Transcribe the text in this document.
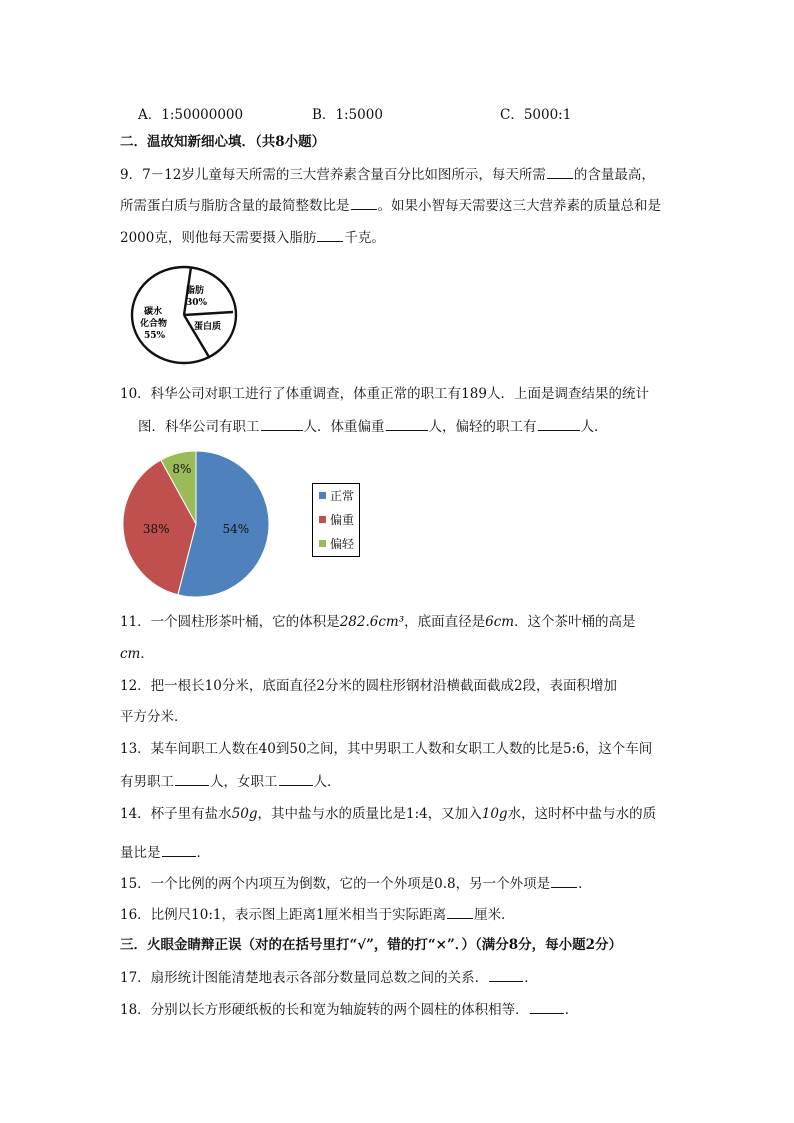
A．1:50000000	B．1:5000	C．5000:1
二．温故知新细心填．（共8小题）
9．7－12岁儿童每天所需的三大营养素含量百分比如图所示，每天所需 的含量最高，
所需蛋白质与脂肪含量的最简整数比是 。如果小智每天需要这三大营养素的质量总和是
2000克，则他每天需要摄入脂肪 千克。
脂肪
30%
碳水
化合物
55%
蛋白质
10．科华公司对职工进行了体重调查，体重正常的职工有189人．上面是调查结果的统计
图．科华公司有职工	人．体重偏重	人，偏轻的职工有	人．
54%
38%
8%
正常
偏重
偏轻
11．一个圆柱形茶叶桶，它的体积是282.6cm³，底面直径是6cm．这个茶叶桶的高是
cm．
12．把一根长10分米，底面直径2分米的圆柱形钢材沿横截面截成2段，表面积增加
平方分米．
13．某车间职工人数在40到50之间，其中男职工人数和女职工人数的比是5:6，这个车间
有男职工	人，女职工	人．
14．杯子里有盐水50g，其中盐与水的质量比是1:4，又加入10g水，这时杯中盐与水的质
量比是	．
15．一个比例的两个内项互为倒数，它的一个外项是0.8，另一个外项是 ．
16．比例尺10:1，表示图上距离1厘米相当于实际距离 厘米．
三．火眼金睛辩正误（对的在括号里打“√”，错的打“×”．）（满分8分，每小题2分）
17．扇形统计图能清楚地表示各部分数量同总数之间的关系．	．
18．分别以长方形硬纸板的长和宽为轴旋转的两个圆柱的体积相等．	．
